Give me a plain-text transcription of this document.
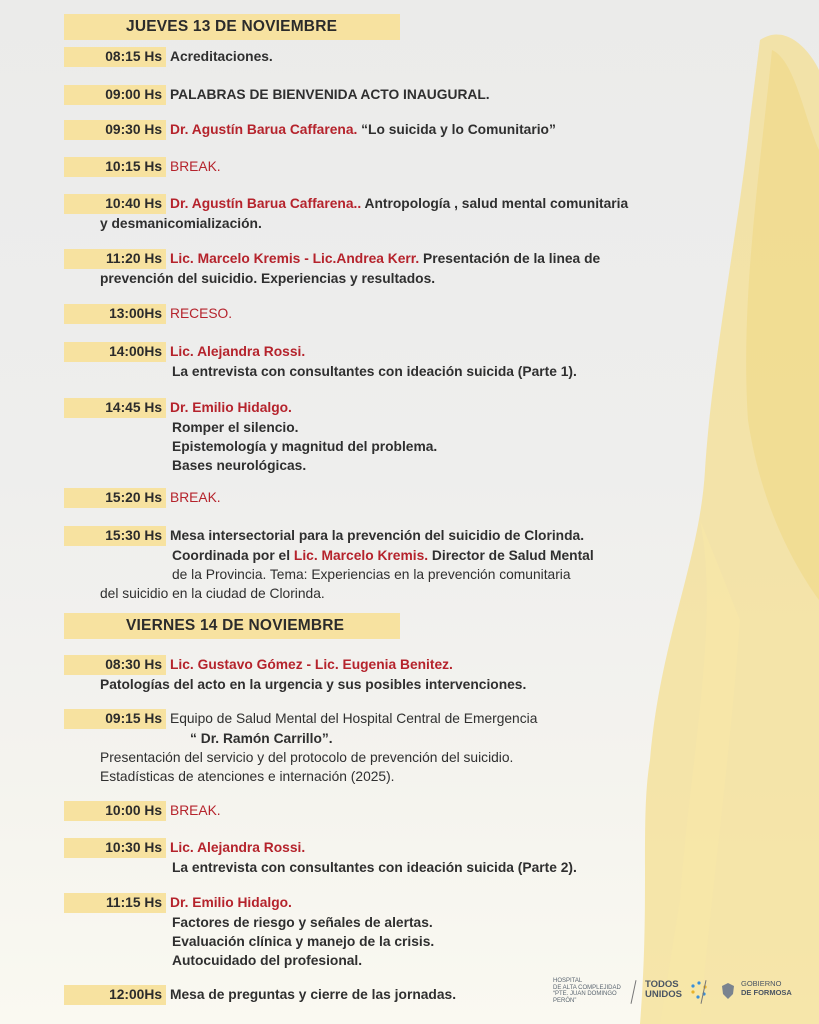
JUEVES 13 DE NOVIEMBRE
08:15 Hs Acreditaciones.
09:00 Hs PALABRAS DE BIENVENIDA ACTO INAUGURAL.
09:30 HsDr. Agustín Barua Caffarena. “Lo suicida y lo Comunitario”
10:15 Hs BREAK.
10:40 HsDr. Agustín Barua Caffarena.. Antropología , salud mental comunitaria
y desmanicomialización.
11:20 Hs Lic. Marcelo Kremis - Lic.Andrea Kerr. Presentación de la linea de
prevención del suicidio. Experiencias y resultados.
13:00Hs RECESO.
14:00Hs Lic. Alejandra Rossi.
La entrevista con consultantes con ideación suicida (Parte 1).
14:45 Hs Dr. Emilio Hidalgo.
Romper el silencio.
Epistemología y magnitud del problema.
Bases neurológicas.
15:20 Hs BREAK.
15:30 Hs Mesa intersectorial para la prevención del suicidio de Clorinda.
Coordinada por el Lic. Marcelo Kremis. Director de Salud Mental
de la Provincia. Tema: Experiencias en la prevención comunitaria
del suicidio en la ciudad de Clorinda.
VIERNES 14 DE NOVIEMBRE
08:30 Hs Lic. Gustavo Gómez - Lic. Eugenia Benitez.
Patologías del acto en la urgencia y sus posibles intervenciones.
09:15 HsEquipo de Salud Mental del Hospital Central de Emergencia
“ Dr. Ramón Carrillo”.
Presentación del servicio y del protocolo de prevención del suicidio.
Estadísticas de atenciones e internación (2025).
10:00 Hs BREAK.
10:30 Hs Lic. Alejandra Rossi.
La entrevista con consultantes con ideación suicida (Parte 2).
11:15 Hs Dr. Emilio Hidalgo.
Factores de riesgo y señales de alertas.
Evaluación clínica y manejo de la crisis.
Autocuidado del profesional.
12:00Hs Mesa de preguntas y cierre de las jornadas.
HOSPITAL
DE ALTA COMPLEJIDAD
“PTE. JUAN DOMINGO PERÓN”
TODOS
UNIDOS
GOBIERNO
DE FORMOSA
